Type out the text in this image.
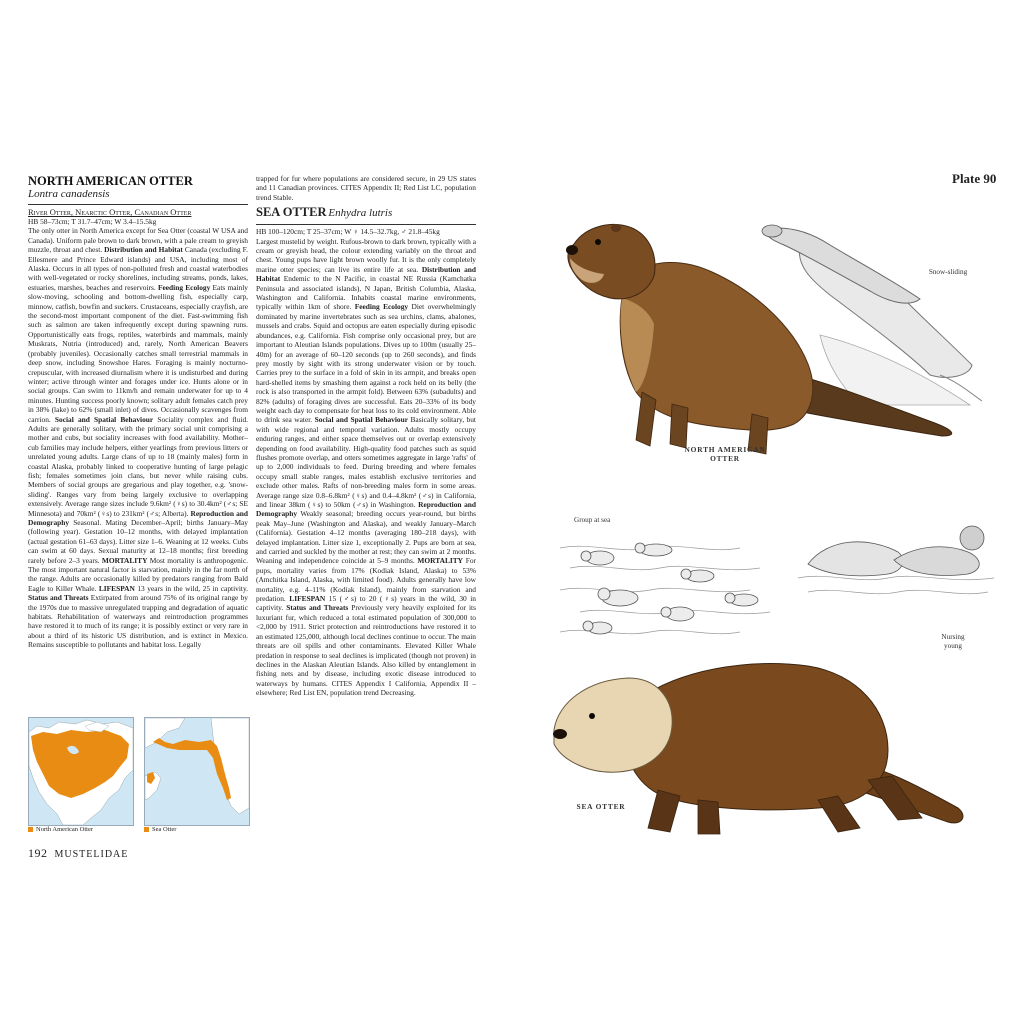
NORTH AMERICAN OTTER

Lontra canadensis

River Otter, Nearctic Otter, Canadian Otter

HB 58–73cm; T 31.7–47cm; W 3.4–15.5kg

The only otter in North America except for Sea Otter (coastal W USA and Canada). Uniform pale brown to dark brown, with a pale cream to greyish muzzle, throat and chest. Distribution and Habitat Canada (excluding F. Ellesmere and Prince Edward islands) and USA, including most of Alaska. Occurs in all types of non-polluted fresh and coastal waterbodies with well-vegetated or rocky shorelines, including streams, ponds, lakes, estuaries, marshes, beaches and reservoirs. Feeding Ecology Eats mainly slow-moving, schooling and bottom-dwelling fish, especially carp, minnow, catfish, bowfin and suckers. Crustaceans, especially crayfish, are the second-most important component of the diet. Fast-swimming fish such as salmon are taken infrequently except during spawning runs. Opportunistically eats frogs, reptiles, waterbirds and mammals, mainly Muskrats, Nutria (introduced) and, rarely, North American Beavers (probably juveniles). Occasionally catches small terrestrial mammals in deep snow, including Snowshoe Hares. Foraging is mainly nocturno-crepuscular, with increased diurnalism where it is undisturbed and during winter; active through winter and forages under ice. Hunts alone or in social groups. Can swim to 11km/h and remain underwater for up to 4 minutes. Hunting success poorly known; solitary adult females catch prey in 38% (lake) to 62% (small inlet) of dives. Occasionally scavenges from carrion. Social and Spatial Behaviour Sociality complex and fluid. Adults are generally solitary, with the primary social unit comprising a mother and cubs, but sociality increases with food availability. Mother–cub families may include helpers, either yearlings from previous litters or unrelated young adults. Large clans of up to 18 (mainly males) form in coastal Alaska, probably linked to cooperative hunting of large pelagic fish; females sometimes join clans, but never while raising cubs. Members of social groups are gregarious and play together, e.g. 'snow-sliding'. Ranges vary from being largely exclusive to overlapping extensively. Average range sizes include 9.6km² (♀s) to 30.4km² (♂s; SE Minnesota) and 70km² (♀s) to 231km² (♂s; Alberta). Reproduction and Demography Seasonal. Mating December–April; births January–May (following year). Gestation 10–12 months, with delayed implantation (actual gestation 61–63 days). Litter size 1–6. Weaning at 12 weeks. Cubs can swim at 60 days. Sexual maturity at 12–18 months; first breeding rarely before 2–3 years. MORTALITY Most mortality is anthropogenic. The most important natural factor is starvation, mainly in the far north of the range. Adults are occasionally killed by predators ranging from Bald Eagle to Killer Whale. LIFESPAN 13 years in the wild, 25 in captivity. Status and Threats Extirpated from around 75% of its original range by the 1970s due to massive unregulated trapping and degradation of aquatic habitats. Rehabilitation of waterways and reintroduction programmes have restored it to much of its range; it is possibly extinct or very rare in about a third of its historic US distribution, and is extinct in Mexico. Remains susceptible to pollutants and habitat loss. Legally

trapped for fur where populations are considered secure, in 29 US states and 11 Canadian provinces. CITES Appendix II; Red List LC, population trend Stable.

SEA OTTER Enhydra lutris

HB 100–120cm; T 25–37cm; W ♀ 14.5–32.7kg, ♂ 21.8–45kg

Largest mustelid by weight. Rufous-brown to dark brown, typically with a cream or greyish head, the colour extending variably on the throat and chest. Young pups have light brown woolly fur. It is the only completely marine otter species; can live its entire life at sea. Distribution and Habitat Endemic to the N Pacific, in coastal NE Russia (Kamchatka Peninsula and associated islands), N Japan, British Columbia, Alaska, Washington and California. Inhabits coastal marine environments, typically within 1km of shore. Feeding Ecology Diet overwhelmingly dominated by marine invertebrates such as sea urchins, clams, abalones, mussels and crabs. Squid and octopus are eaten especially during episodic abundances, e.g. California. Fish comprise only occasional prey, but are important to Aleutian Islands populations. Dives up to 100m (usually 25–40m) for an average of 60–120 seconds (up to 260 seconds), and finds prey mostly by sight with its strong underwater vision or by touch. Carries prey to the surface in a fold of skin in its armpit, and breaks open hard-shelled items by smashing them against a rock held on its belly (the rock is also transported in the armpit fold). Between 63% (subadults) and 82% (adults) of foraging dives are successful. Eats 20–33% of its body weight each day to compensate for heat loss to its cold environment. Able to drink sea water. Social and Spatial Behaviour Basically solitary, but with wide regional and temporal variation. Adults mostly occupy enduring ranges, and either space themselves out or overlap extensively depending on food availability. High-quality food patches such as squid flushes promote overlap, and otters sometimes aggregate in large 'rafts' of up to 2,000 individuals to feed. During breeding and where females occupy small stable ranges, males establish exclusive territories and exclude other males. Rafts of non-breeding males form in some areas. Average range size 0.8–6.8km² (♀s) and 0.4–4.8km² (♂s) in California, and linear 38km (♀s) to 50km (♂s) in Washington. Reproduction and Demography Weakly seasonal; breeding occurs year-round, but births peak May–June (Washington and Alaska), and weakly January–March (California). Gestation 4–12 months (averaging 180–218 days), with delayed implantation. Litter size 1, exceptionally 2. Pups are born at sea, and carried and suckled by the mother at rest; they can swim at 2 months. Weaning and independence coincide at 5–9 months. MORTALITY For pups, mortality varies from 17% (Kodiak Island, Alaska) to 53% (Amchitka Island, Alaska, with limited food). Adults generally have low mortality, e.g. 4–11% (Kodiak Island), mainly from starvation and predation. LIFESPAN 15 (♂s) to 20 (♀s) years in the wild, 30 in captivity. Status and Threats Previously very heavily exploited for its luxuriant fur, which reduced a total estimated population of 300,000 to <2,000 by 1911. Strict protection and reintroductions have restored it to an estimated 125,000, although local declines continue to occur. The main threats are oil spills and other contaminants. Elevated Killer Whale predation in response to seal declines is implicated (though not proven) in declines in the Alaskan Aleutian Islands. Also killed by entanglement in fishing nets and by disease, including exotic disease introduced to waterways by humans. CITES Appendix I California, Appendix II – elsewhere; Red List EN, population trend Decreasing.

North American Otter	Sea Otter
192 MUSTELIDAE
Plate 90
Snow-sliding
NORTH AMERICAN
OTTER
Group at sea
Nursing
young
SEA OTTER
